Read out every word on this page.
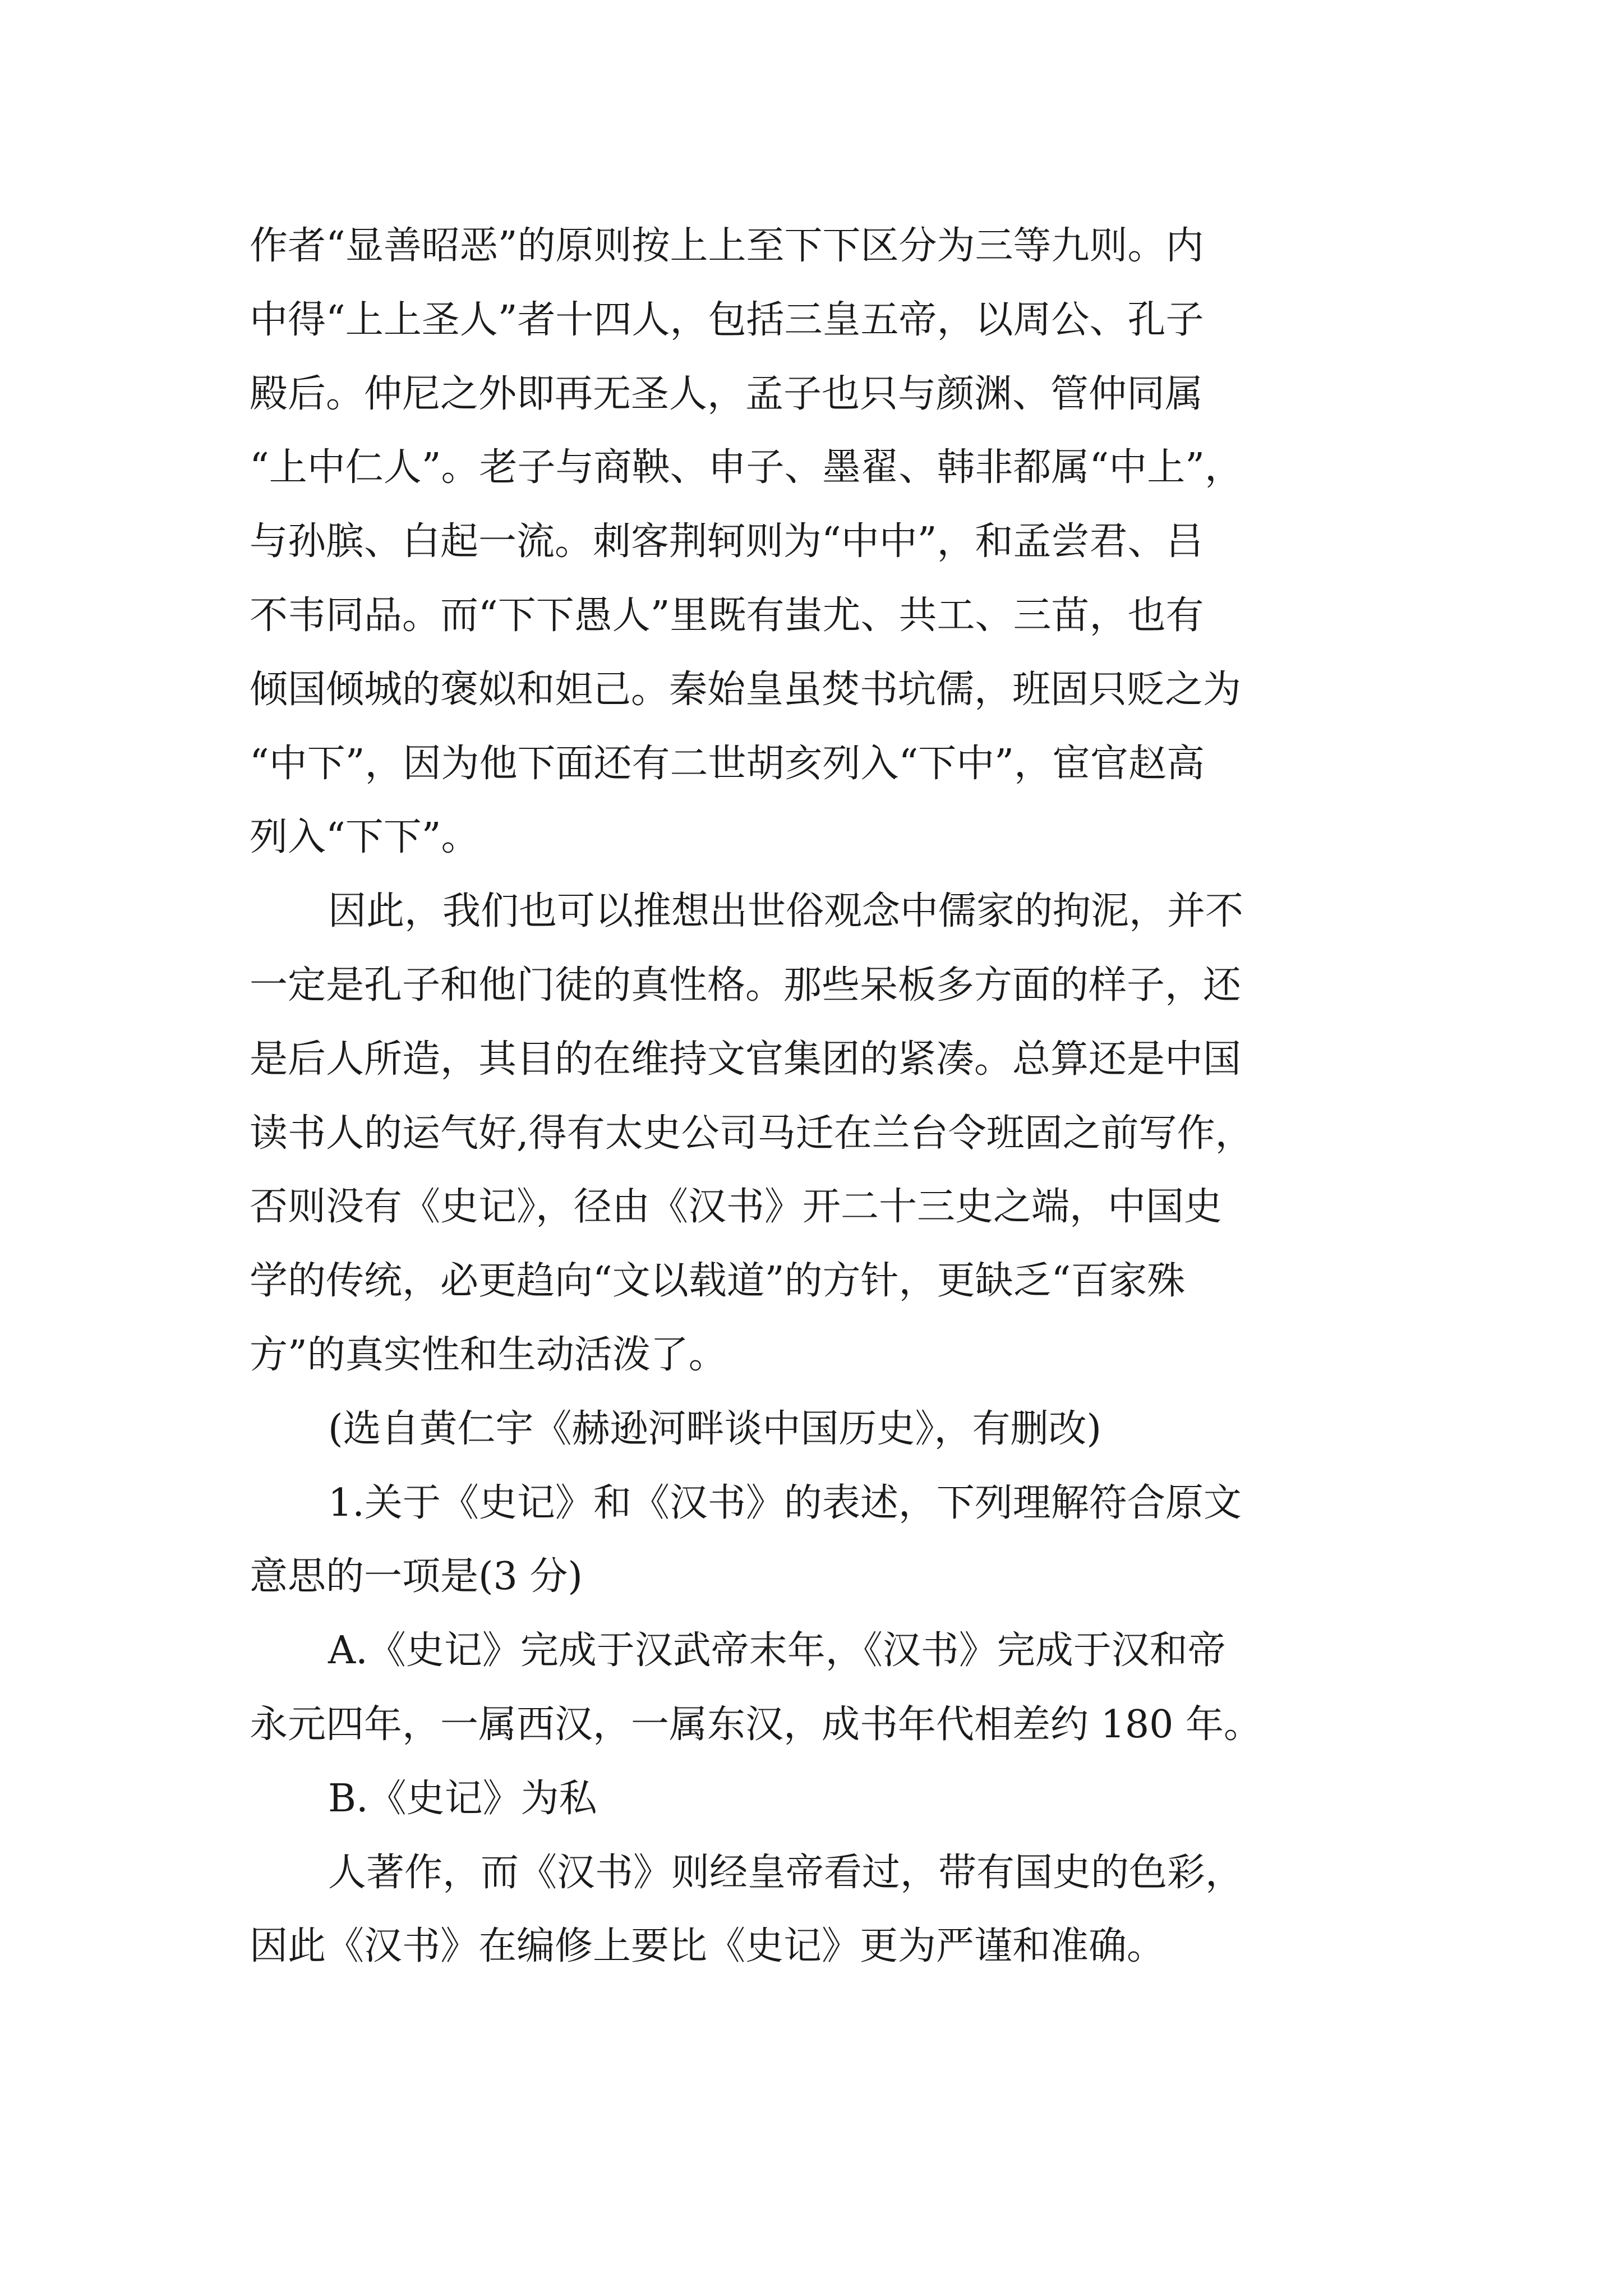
作者“显善昭恶”的原则按上上至下下区分为三等九则。内
中得“上上圣人”者十四人，包括三皇五帝，以周公、孔子
殿后。仲尼之外即再无圣人，孟子也只与颜渊、管仲同属
“上中仁人”。老子与商鞅、申子、墨翟、韩非都属“中上”，
与孙膑、白起一流。刺客荆轲则为“中中”，和孟尝君、吕
不韦同品。而“下下愚人”里既有蚩尤、共工、三苗，也有
倾国倾城的褒姒和妲己。秦始皇虽焚书坑儒，班固只贬之为
“中下”，因为他下面还有二世胡亥列入“下中”，宦官赵高
列入“下下”。
因此，我们也可以推想出世俗观念中儒家的拘泥，并不
一定是孔子和他门徒的真性格。那些呆板多方面的样子，还
是后人所造，其目的在维持文官集团的紧凑。总算还是中国
读书人的运气好,得有太史公司马迁在兰台令班固之前写作，
否则没有《史记》，径由《汉书》开二十三史之端，中国史
学的传统，必更趋向“文以载道”的方针，更缺乏“百家殊
方”的真实性和生动活泼了。
(选自黄仁宇《赫逊河畔谈中国历史》，有删改)
1.关于《史记》和《汉书》的表述，下列理解符合原文
意思的一项是(3 分)
A.《史记》完成于汉武帝末年，《汉书》完成于汉和帝
永元四年，一属西汉，一属东汉，成书年代相差约 180 年。
B.《史记》为私
人著作，而《汉书》则经皇帝看过，带有国史的色彩，
因此《汉书》在编修上要比《史记》更为严谨和准确。
